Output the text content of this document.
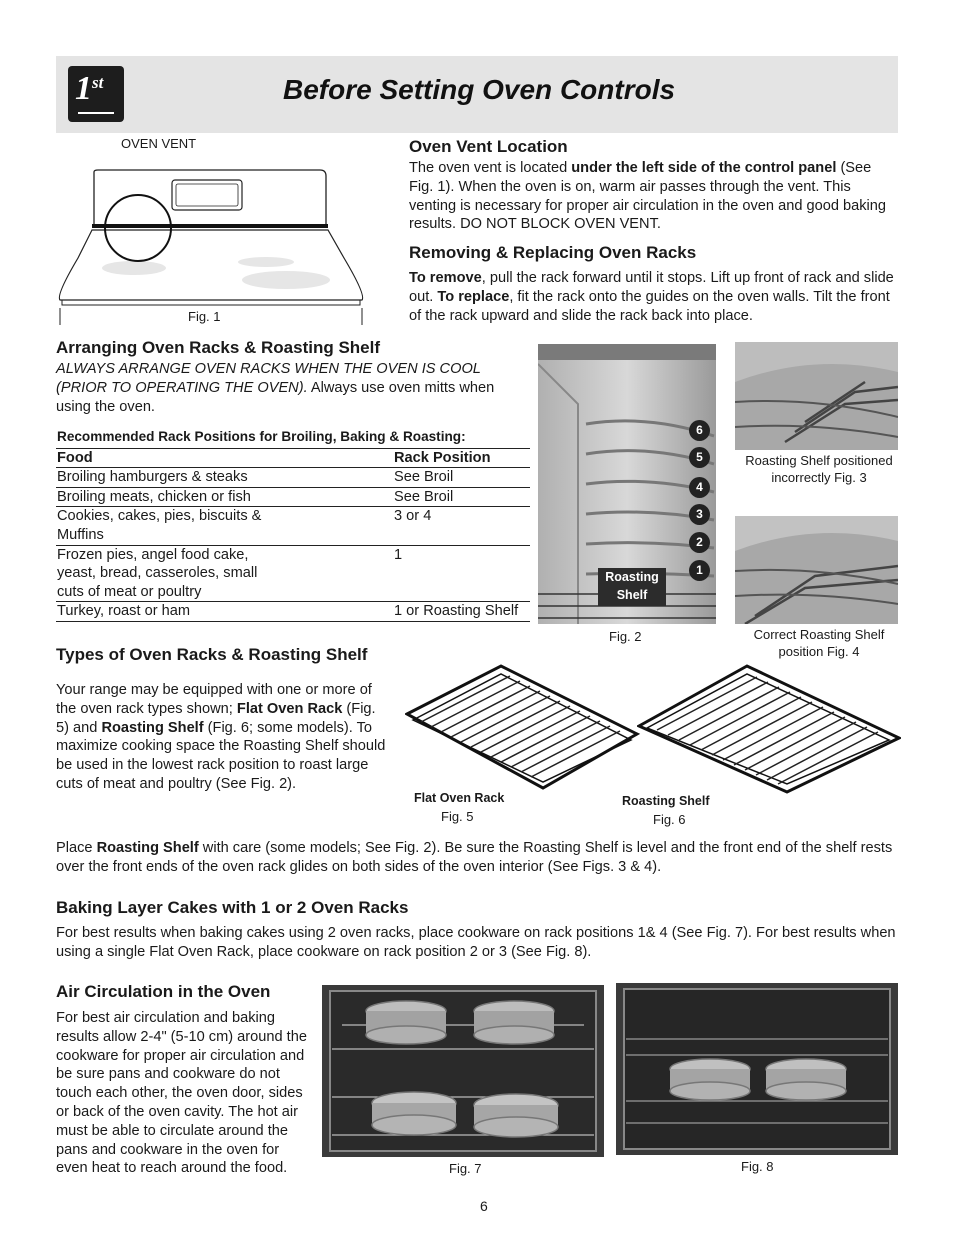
1st	Before Setting Oven Controls
OVEN VENT
Fig. 1
Oven Vent Location

The oven vent is located under the left side of the control panel (See Fig. 1). When the oven is on, warm air passes through the vent. This venting is necessary for proper air circulation in the oven and good baking results. DO NOT BLOCK OVEN VENT.

Removing & Replacing Oven Racks

To remove, pull the rack forward until it stops. Lift up front of rack and slide out. To replace, fit the rack onto the guides on the oven walls. Tilt the front of the rack upward and slide the rack back into place.

Arranging Oven Racks & Roasting Shelf

ALWAYS ARRANGE OVEN RACKS WHEN THE OVEN IS COOL (PRIOR TO OPERATING THE OVEN). Always use oven mitts when using the oven.

Recommended Rack Positions for Broiling, Baking & Roasting:	
Food	Rack Position
Broiling hamburgers & steaks	See Broil
Broiling meats, chicken or fish	See Broil
Cookies, cakes, pies, biscuits & Muffins	3 or 4
Frozen pies, angel food cake, yeast, bread, casseroles, small cuts of meat or poultry	1
Turkey, roast or ham	1 or Roasting Shelf
6
5
4
3
2
1
Roasting Shelf
Fig. 2
Roasting Shelf positioned incorrectly Fig. 3
Correct Roasting Shelf position Fig. 4
Types of Oven Racks & Roasting Shelf

Your range may be equipped with one or more of the oven rack types shown; Flat Oven Rack (Fig. 5) and Roasting Shelf (Fig. 6; some models). To maximize cooking space the Roasting Shelf should be used in the lowest rack position to roast large cuts of meat and poultry (See Fig. 2).

Flat Oven Rack
Fig. 5
Roasting Shelf
Fig. 6

Place Roasting Shelf with care (some models; See Fig. 2). Be sure the Roasting Shelf is level and the front end of the shelf rests over the front ends of the oven rack glides on both sides of the oven interior (See Figs. 3 & 4).

Baking Layer Cakes with 1 or 2 Oven Racks

For best results when baking cakes using 2 oven racks, place cookware on rack positions 1& 4 (See Fig. 7). For best results when using a single Flat Oven Rack, place cookware on rack position 2 or 3 (See Fig. 8).

Air Circulation in the Oven

For best air circulation and baking results allow 2-4" (5-10 cm) around the cookware for proper air circulation and be sure pans and cookware do not touch each other, the oven door, sides or back of the oven cavity. The hot air must be able to circulate around the pans and cookware in the oven for even heat to reach around the food.	Fig. 7	Fig. 8
6
